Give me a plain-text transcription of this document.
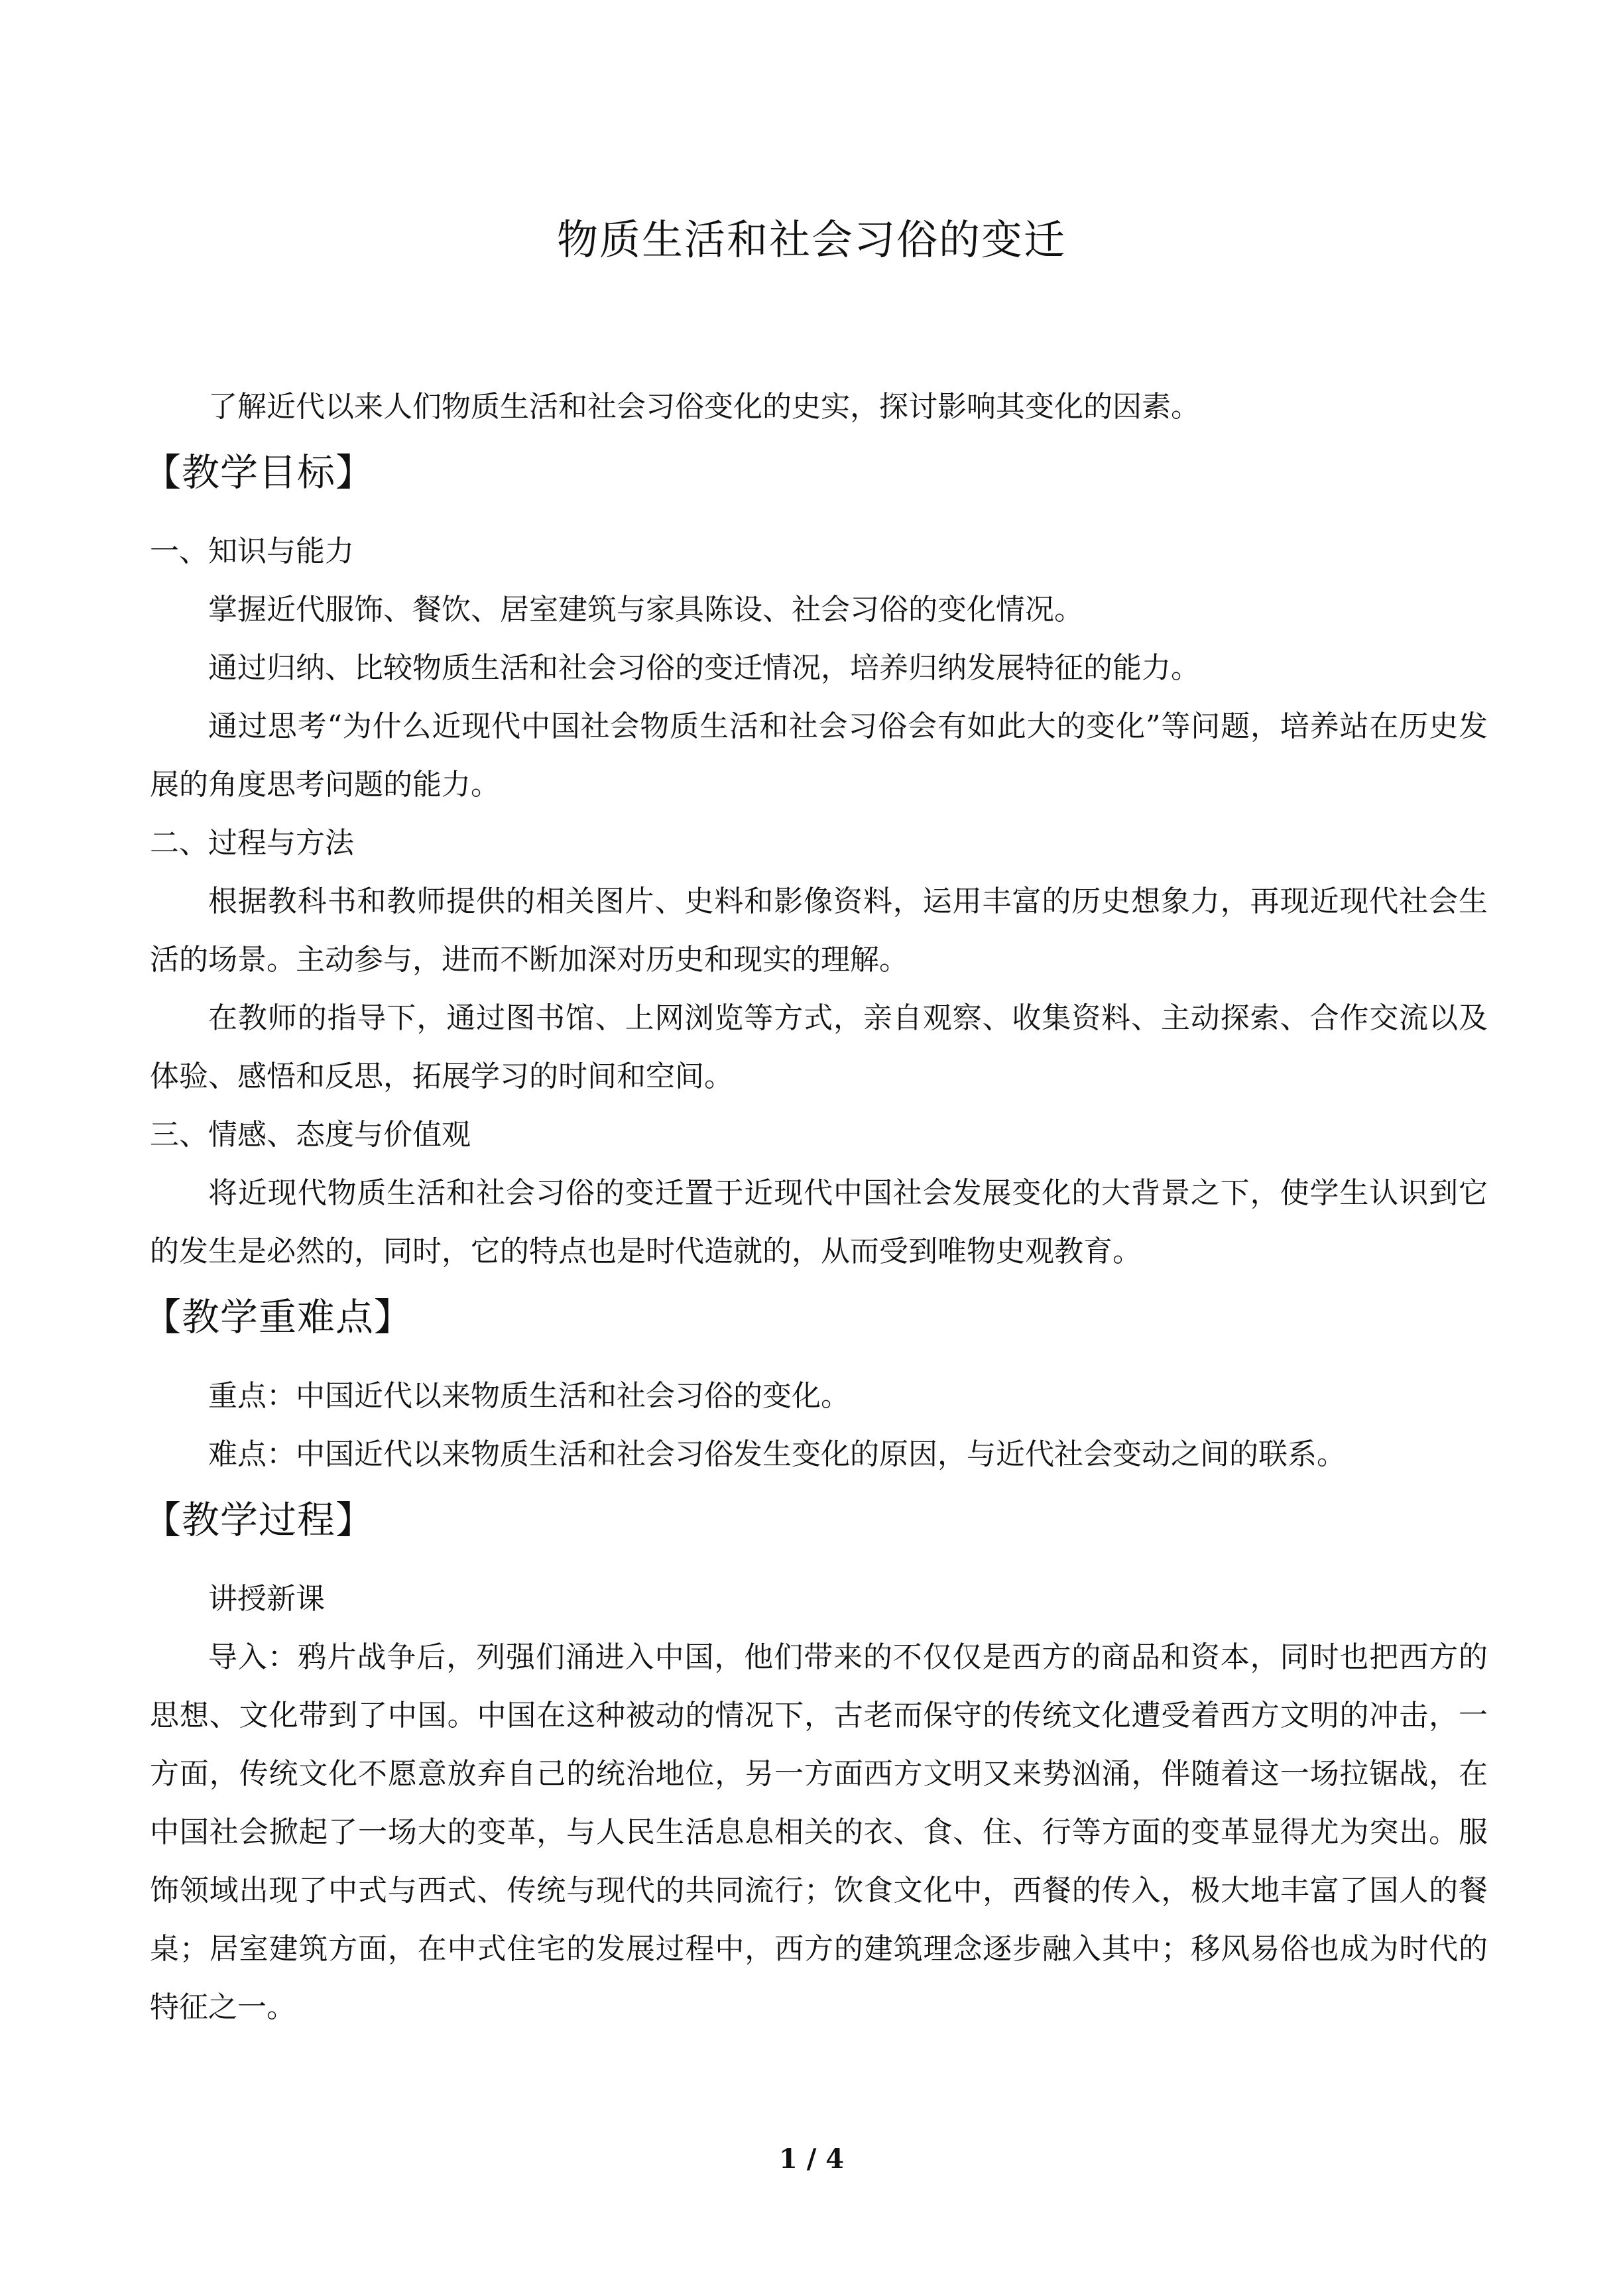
物质生活和社会习俗的变迁

了解近代以来人们物质生活和社会习俗变化的史实，探讨影响其变化的因素。

【教学目标】
一、知识与能力

掌握近代服饰、餐饮、居室建筑与家具陈设、社会习俗的变化情况。

通过归纳、比较物质生活和社会习俗的变迁情况，培养归纳发展特征的能力。

通过思考“为什么近现代中国社会物质生活和社会习俗会有如此大的变化”等问题，培养站在历史发展的角度思考问题的能力。

二、过程与方法

根据教科书和教师提供的相关图片、史料和影像资料，运用丰富的历史想象力，再现近现代社会生活的场景。主动参与，进而不断加深对历史和现实的理解。

在教师的指导下，通过图书馆、上网浏览等方式，亲自观察、收集资料、主动探索、合作交流以及体验、感悟和反思，拓展学习的时间和空间。

三、情感、态度与价值观

将近现代物质生活和社会习俗的变迁置于近现代中国社会发展变化的大背景之下，使学生认识到它的发生是必然的，同时，它的特点也是时代造就的，从而受到唯物史观教育。

【教学重难点】

重点：中国近代以来物质生活和社会习俗的变化。

难点：中国近代以来物质生活和社会习俗发生变化的原因，与近代社会变动之间的联系。

【教学过程】

讲授新课

导入：鸦片战争后，列强们涌进入中国，他们带来的不仅仅是西方的商品和资本，同时也把西方的思想、文化带到了中国。中国在这种被动的情况下，古老而保守的传统文化遭受着西方文明的冲击，一方面，传统文化不愿意放弃自己的统治地位，另一方面西方文明又来势汹涌，伴随着这一场拉锯战，在中国社会掀起了一场大的变革，与人民生活息息相关的衣、食、住、行等方面的变革显得尤为突出。服饰领域出现了中式与西式、传统与现代的共同流行；饮食文化中，西餐的传入，极大地丰富了国人的餐桌；居室建筑方面，在中式住宅的发展过程中，西方的建筑理念逐步融入其中；移风易俗也成为时代的特征之一。

1 / 4
